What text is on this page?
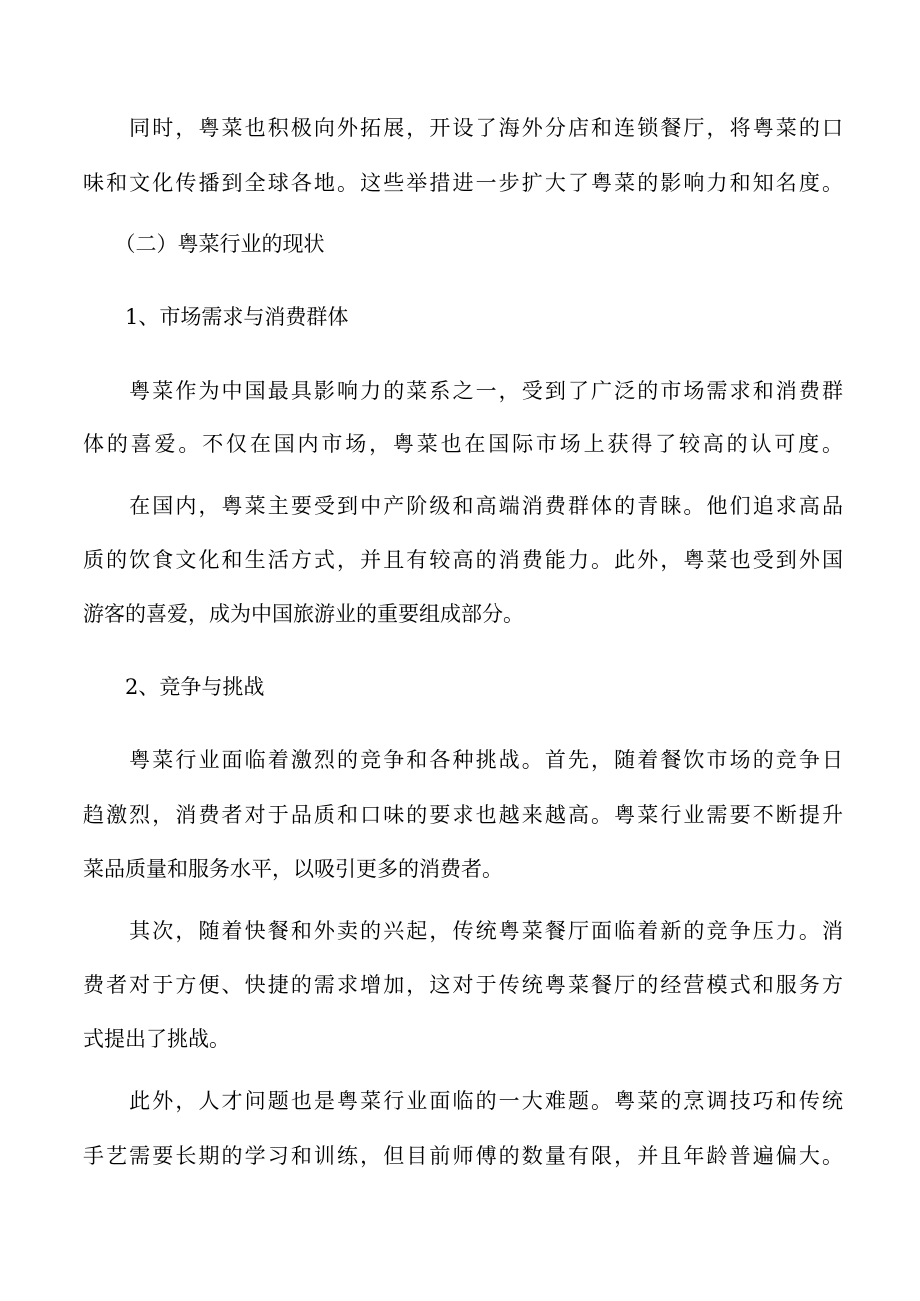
　　同时，粤菜也积极向外拓展，开设了海外分店和连锁餐厅，将粤菜的口
味和文化传播到全球各地。这些举措进一步扩大了粤菜的影响力和知名度。
　　（二）粤菜行业的现状
　　1、市场需求与消费群体
　　粤菜作为中国最具影响力的菜系之一，受到了广泛的市场需求和消费群
体的喜爱。不仅在国内市场，粤菜也在国际市场上获得了较高的认可度。
　　在国内，粤菜主要受到中产阶级和高端消费群体的青睐。他们追求高品
质的饮食文化和生活方式，并且有较高的消费能力。此外，粤菜也受到外国
游客的喜爱，成为中国旅游业的重要组成部分。
　　2、竞争与挑战
　　粤菜行业面临着激烈的竞争和各种挑战。首先，随着餐饮市场的竞争日
趋激烈，消费者对于品质和口味的要求也越来越高。粤菜行业需要不断提升
菜品质量和服务水平，以吸引更多的消费者。
　　其次，随着快餐和外卖的兴起，传统粤菜餐厅面临着新的竞争压力。消
费者对于方便、快捷的需求增加，这对于传统粤菜餐厅的经营模式和服务方
式提出了挑战。
　　此外，人才问题也是粤菜行业面临的一大难题。粤菜的烹调技巧和传统
手艺需要长期的学习和训练，但目前师傅的数量有限，并且年龄普遍偏大。
